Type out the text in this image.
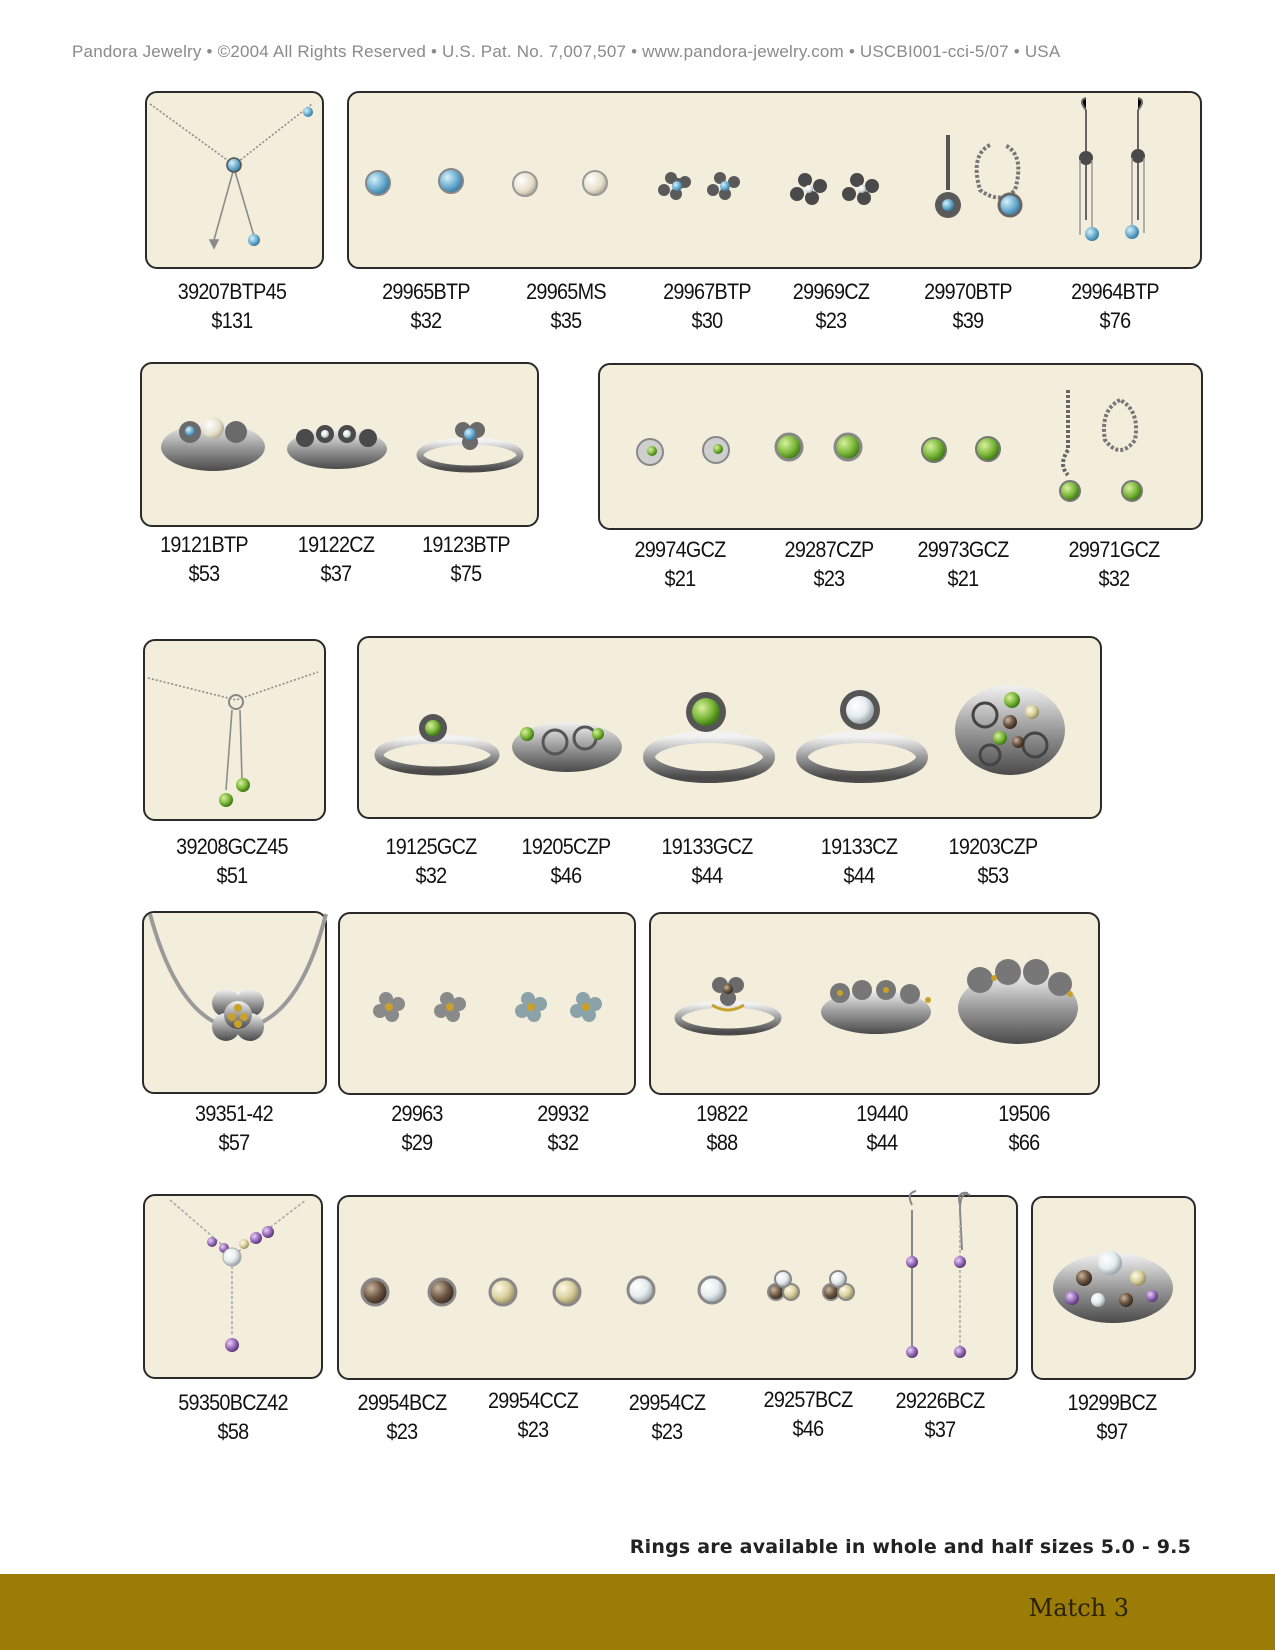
Pandora Jewelry • ©2004 All Rights Reserved • U.S. Pat. No. 7,007,507 • www.pandora-jewelry.com • USCBI001-cci-5/07 • USA
39207BTP45
$131
29965BTP
$32
29965MS
$35
29967BTP
$30
29969CZ
$23
29970BTP
$39
29964BTP
$76
19121BTP
$53
19122CZ
$37
19123BTP
$75
29974GCZ
$21
29287CZP
$23
29973GCZ
$21
29971GCZ
$32
39208GCZ45
$51
19125GCZ
$32
19205CZP
$46
19133GCZ
$44
19133CZ
$44
19203CZP
$53
39351-42
$57
29963
$29
29932
$32
19822
$88
19440
$44
19506
$66
59350BCZ42
$58
29954BCZ
$23
29954CCZ
$23
29954CZ
$23
29257BCZ
$46
29226BCZ
$37
19299BCZ
$97
Rings are available in whole and half sizes 5.0 - 9.5
Match 3
